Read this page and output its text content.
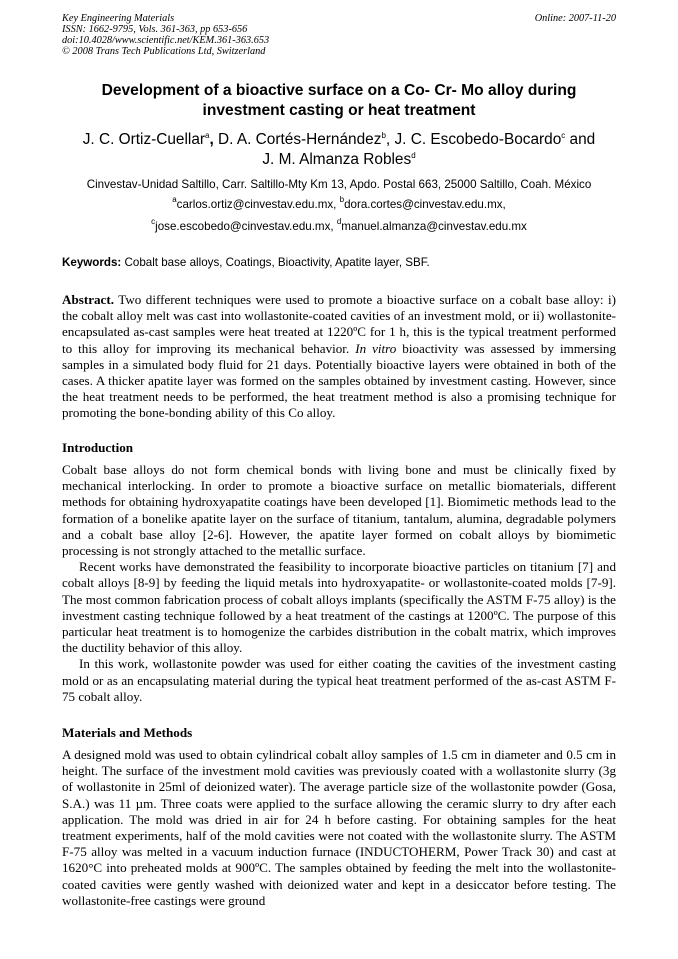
Key Engineering Materials
ISSN: 1662-9795, Vols. 361-363, pp 653-656
doi:10.4028/www.scientific.net/KEM.361-363.653
© 2008 Trans Tech Publications Ltd, Switzerland
Online: 2007-11-20
Development of a bioactive surface on a Co- Cr- Mo alloy during
investment casting or heat treatment
J. C. Ortiz-Cuellar$^a$, D. A. Cortés-Hernández$^b$, J. C. Escobedo-Bocardo$^c$ and
J. M. Almanza Robles$^d$
Cinvestav-Unidad Saltillo, Carr. Saltillo-Mty Km 13, Apdo. Postal 663, 25000 Saltillo, Coah. México
$^a$carlos.ortiz@cinvestav.edu.mx, $^b$dora.cortes@cinvestav.edu.mx,
$^c$jose.escobedo@cinvestav.edu.mx, $^d$manuel.almanza@cinvestav.edu.mx
Keywords: Cobalt base alloys, Coatings, Bioactivity, Apatite layer, SBF.

Abstract. Two different techniques were used to promote a bioactive surface on a cobalt base alloy: i) the cobalt alloy melt was cast into wollastonite-coated cavities of an investment mold, or ii) wollastonite-encapsulated as-cast samples were heat treated at 1220ºC for 1 h, this is the typical treatment performed to this alloy for improving its mechanical behavior. In vitro bioactivity was assessed by immersing samples in a simulated body fluid for 21 days. Potentially bioactive layers were obtained in both of the cases. A thicker apatite layer was formed on the samples obtained by investment casting. However, since the heat treatment needs to be performed, the heat treatment method is also a promising technique for promoting the bone-bonding ability of this Co alloy.

Introduction

Cobalt base alloys do not form chemical bonds with living bone and must be clinically fixed by mechanical interlocking. In order to promote a bioactive surface on metallic biomaterials, different methods for obtaining hydroxyapatite coatings have been developed [1]. Biomimetic methods lead to the formation of a bonelike apatite layer on the surface of titanium, tantalum, alumina, degradable polymers and a cobalt base alloy [2-6]. However, the apatite layer formed on cobalt alloys by biomimetic processing is not strongly attached to the metallic surface.

Recent works have demonstrated the feasibility to incorporate bioactive particles on titanium [7] and cobalt alloys [8-9] by feeding the liquid metals into hydroxyapatite- or wollastonite-coated molds [7-9]. The most common fabrication process of cobalt alloys implants (specifically the ASTM F-75 alloy) is the investment casting technique followed by a heat treatment of the castings at 1200ºC. The purpose of this particular heat treatment is to homogenize the carbides distribution in the cobalt matrix, which improves the ductility behavior of this alloy.

In this work, wollastonite powder was used for either coating the cavities of the investment casting mold or as an encapsulating material during the typical heat treatment performed of the as-cast ASTM F-75 cobalt alloy.

Materials and Methods

A designed mold was used to obtain cylindrical cobalt alloy samples of 1.5 cm in diameter and 0.5 cm in height. The surface of the investment mold cavities was previously coated with a wollastonite slurry (3g of wollastonite in 25ml of deionized water). The average particle size of the wollastonite powder (Gosa, S.A.) was 11 µm. Three coats were applied to the surface allowing the ceramic slurry to dry after each application. The mold was dried in air for 24 h before casting. For obtaining samples for the heat treatment experiments, half of the mold cavities were not coated with the wollastonite slurry. The ASTM F-75 alloy was melted in a vacuum induction furnace (INDUCTOHERM, Power Track 30) and cast at 1620°C into preheated molds at 900ºC. The samples obtained by feeding the melt into the wollastonite-coated cavities were gently washed with deionized water and kept in a desiccator before testing. The wollastonite-free castings were ground
